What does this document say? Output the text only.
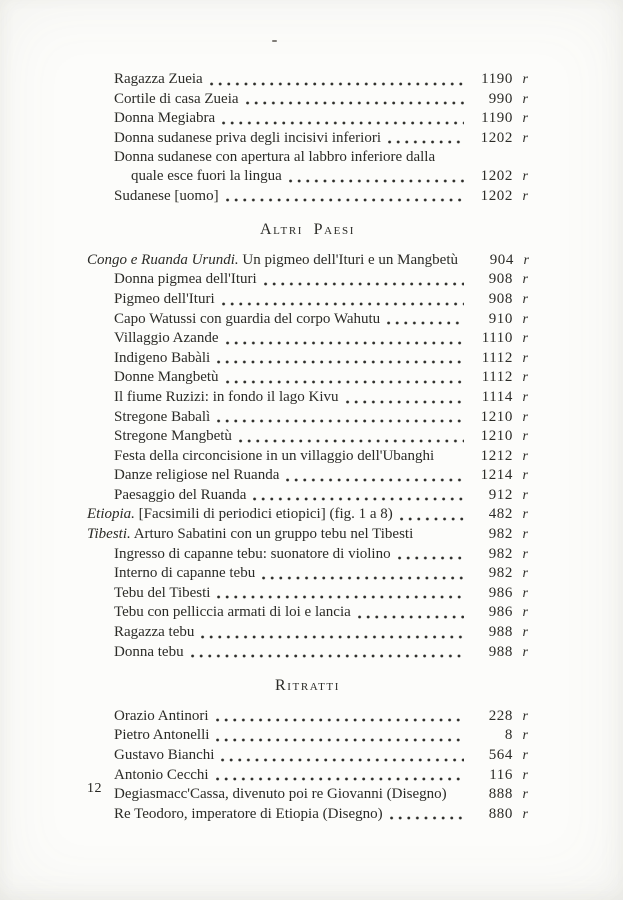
Ragazza Zueia	1190 r
Cortile di casa Zueia	990 r
Donna Megiabra	1190 r
Donna sudanese priva degli incisivi inferiori	1202 r
Donna sudanese con apertura al labbro inferiore dalla
quale esce fuori la lingua	1202 r
Sudanese [uomo]	1202 r
Altri Paesi
Congo e Ruanda Urundi. Un pigmeo dell'Ituri e un Mangbetù	904 r
Donna pigmea dell'Ituri	908 r
Pigmeo dell'Ituri	908 r
Capo Watussi con guardia del corpo Wahutu	910 r
Villaggio Azande	1110 r
Indigeno Babàli	1112 r
Donne Mangbetù	1112 r
Il fiume Ruzizi: in fondo il lago Kivu	1114 r
Stregone Babalì	1210 r
Stregone Mangbetù	1210 r
Festa della circoncisione in un villaggio dell'Ubanghi	1212 r
Danze religiose nel Ruanda	1214 r
Paesaggio del Ruanda	912 r
Etiopia. [Facsimili di periodici etiopici] (fig. 1 a 8)	482 r
Tibesti. Arturo Sabatini con un gruppo tebu nel Tibesti	982 r
Ingresso di capanne tebu: suonatore di violino	982 r
Interno di capanne tebu	982 r
Tebu del Tibesti	986 r
Tebu con pelliccia armati di loi e lancia	986 r
Ragazza tebu	988 r
Donna tebu	988 r
Ritratti
Orazio Antinori	228 r
Pietro Antonelli	8 r
Gustavo Bianchi	564 r
Antonio Cecchi	116 r
Degiasmacc'Cassa, divenuto poi re Giovanni (Disegno)	888 r
Re Teodoro, imperatore di Etiopia (Disegno)	880 r
12
